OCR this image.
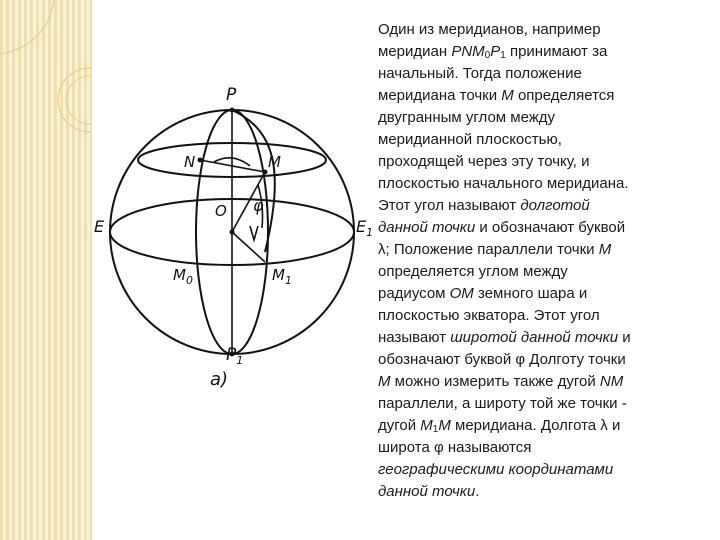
P
N	M
O φ
E	$E_1$
$M_0$	$M_1$
$P_1$
а)
Один из меридианов, например
меридиан $PNM_0P_1$ принимают за
начальный. Тогда положение
меридиана точки M определяется
двугранным углом между
меридианной плоскостью,
проходящей через эту точку, и
плоскостью начального меридиана.
Этот угол называют долготой
данной точки и обозначают буквой
λ; Положение параллели точки M
определяется углом между
радиусом OM земного шара и
плоскостью экватора. Этот угол
называют широтой данной точки и
обозначают буквой φ Долготу точки
M можно измерить также дугой NM
параллели, а широту той же точки -
дугой $M_1M$ меридиана. Долгота λ и
широта φ называются
географическими координатами
данной точки.
